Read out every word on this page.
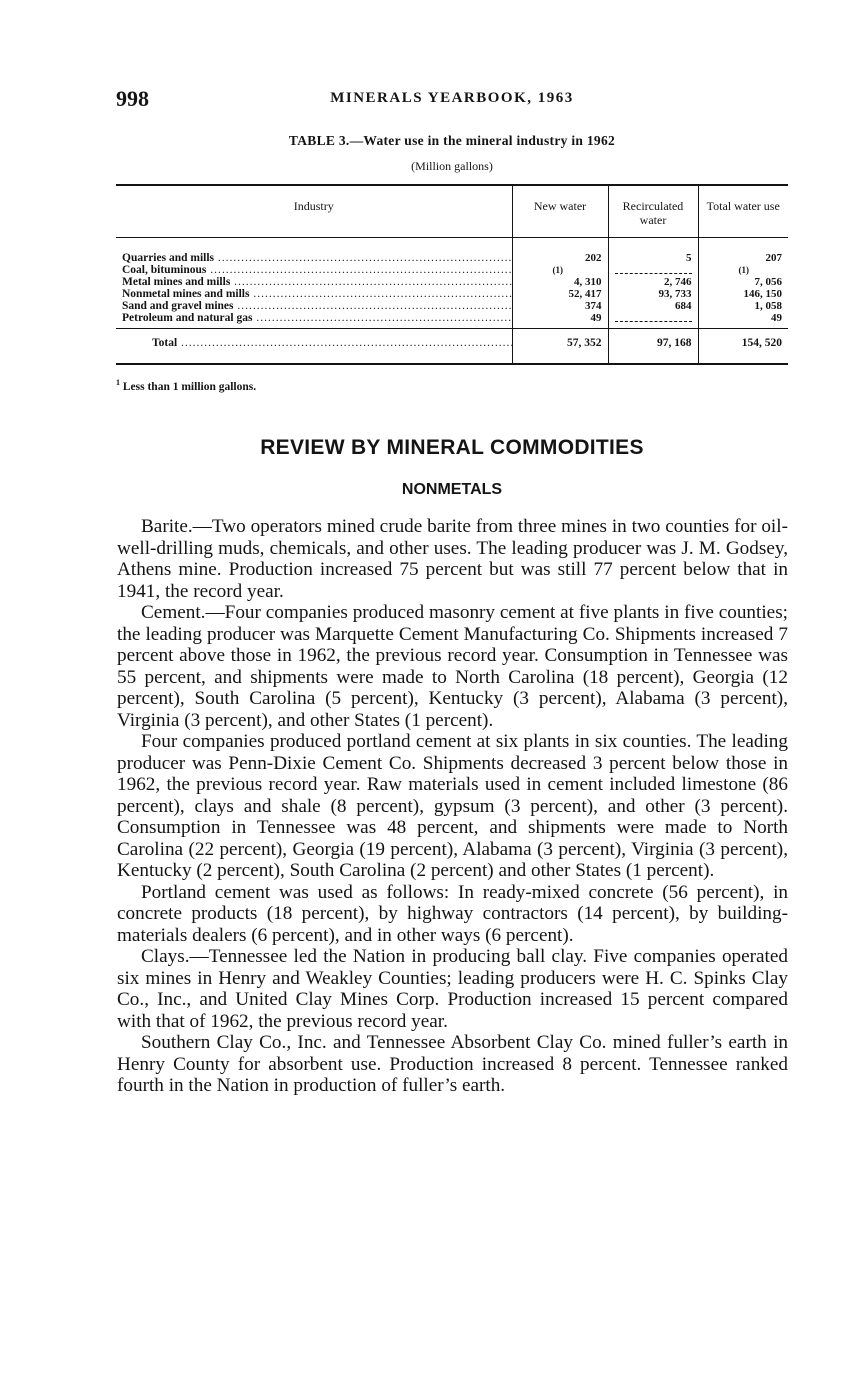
998	MINERALS YEARBOOK, 1963
TABLE 3.—Water use in the mineral industry in 1962
(Million gallons)
Industry	New water	Recirculated water	Total water use
Quarries and mills .....	202	5	207
Coal, bituminous .....	(1)		(1)
Metal mines and mills .....	4, 310	2, 746	7, 056
Nonmetal mines and mills .....	52, 417	93, 733	146, 150
Sand and gravel mines .....	374	684	1, 058
Petroleum and natural gas .....	49		49
Total .....	57, 352	97, 168	154, 520
$^1$ Less than 1 million gallons.
REVIEW BY MINERAL COMMODITIES
NONMETALS

Barite.—Two operators mined crude barite from three mines in two counties for oil-well-drilling muds, chemicals, and other uses. The leading producer was J. M. Godsey, Athens mine. Production increased 75 percent but was still 77 percent below that in 1941, the record year.

Cement.—Four companies produced masonry cement at five plants in five counties; the leading producer was Marquette Cement Manufacturing Co. Shipments increased 7 percent above those in 1962, the previous record year. Consumption in Tennessee was 55 percent, and shipments were made to North Carolina (18 percent), Georgia (12 percent), South Carolina (5 percent), Kentucky (3 percent), Alabama (3 percent), Virginia (3 percent), and other States (1 percent).

Four companies produced portland cement at six plants in six counties. The leading producer was Penn-Dixie Cement Co. Shipments decreased 3 percent below those in 1962, the previous record year. Raw materials used in cement included limestone (86 percent), clays and shale (8 percent), gypsum (3 percent), and other (3 percent). Consumption in Tennessee was 48 percent, and shipments were made to North Carolina (22 percent), Georgia (19 percent), Alabama (3 percent), Virginia (3 percent), Kentucky (2 percent), South Carolina (2 percent) and other States (1 percent).

Portland cement was used as follows: In ready-mixed concrete (56 percent), in concrete products (18 percent), by highway contractors (14 percent), by building-materials dealers (6 percent), and in other ways (6 percent).

Clays.—Tennessee led the Nation in producing ball clay. Five companies operated six mines in Henry and Weakley Counties; leading producers were H. C. Spinks Clay Co., Inc., and United Clay Mines Corp. Production increased 15 percent compared with that of 1962, the previous record year.

Southern Clay Co., Inc. and Tennessee Absorbent Clay Co. mined fuller’s earth in Henry County for absorbent use. Production increased 8 percent. Tennessee ranked fourth in the Nation in production of fuller’s earth.
